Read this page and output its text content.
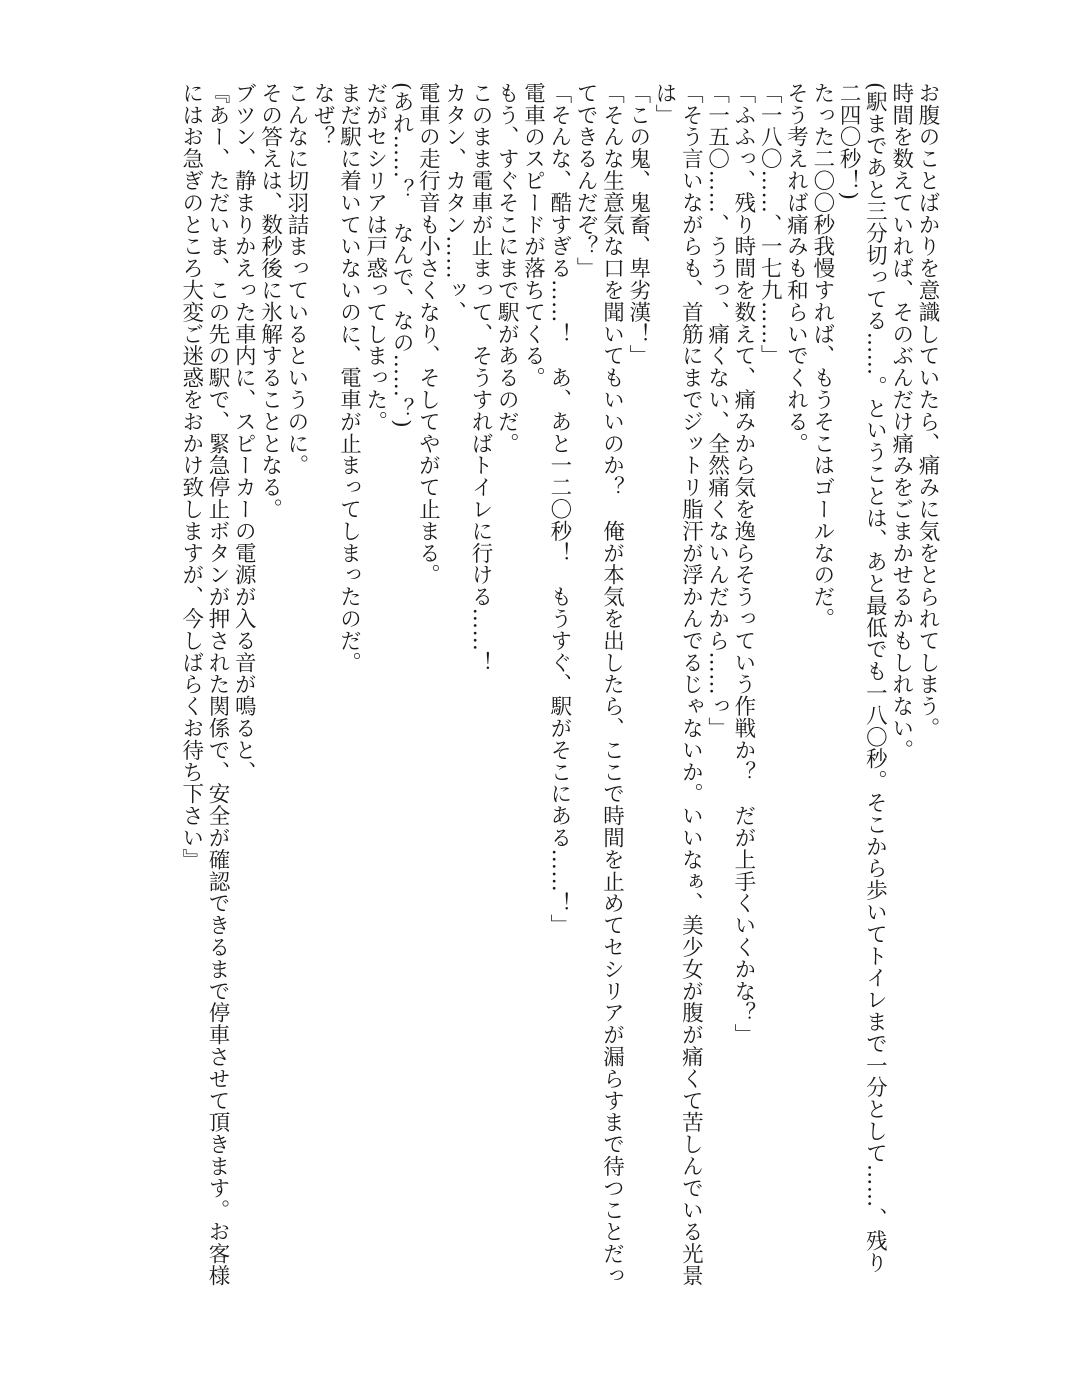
お腹のことばかりを意識していたら、痛みに気をとられてしまう。
時間を数えていれば、そのぶんだけ痛みをごまかせるかもしれない。
(駅まであと三分切ってる……。ということは、あと最低でも一八〇秒。そこから歩いてトイレまで一分として……、残り
二四〇秒！)
たった二〇〇秒我慢すれば、もうそこはゴールなのだ。
そう考えれば痛みも和らいでくれる。
「一八〇……、一七九……」
「ふふっ、残り時間を数えて、痛みから気を逸らそうっていう作戦か？　だが上手くいくかな？」
「一五〇……、ううっ、痛くない、全然痛くないんだから……っ」
「そう言いながらも、首筋にまでジットリ脂汗が浮かんでるじゃないか。いいなぁ、美少女が腹が痛くて苦しんでいる光景
は」
「この鬼、鬼畜、卑劣漢！」
「そんな生意気な口を聞いてもいいのか？　俺が本気を出したら、ここで時間を止めてセシリアが漏らすまで待つことだっ
てできるんだぞ？」
「そんな、酷すぎる……！　あ、あと一二〇秒！　もうすぐ、駅がそこにある……！」
電車のスピードが落ちてくる。
もう、すぐそこにまで駅があるのだ。
このまま電車が止まって、そうすればトイレに行ける……！
カタン、カタン……ッ、
電車の走行音も小さくなり、そしてやがて止まる。
(あれ……？　なんで、なの……？)
だがセシリアは戸惑ってしまった。
まだ駅に着いていないのに、電車が止まってしまったのだ。
なぜ？
こんなに切羽詰まっているというのに。
その答えは、数秒後に氷解することとなる。
ブツン、静まりかえった車内に、スピーカーの電源が入る音が鳴ると、
『あー、ただいま、この先の駅で、緊急停止ボタンが押された関係で、安全が確認できるまで停車させて頂きます。お客様
にはお急ぎのところ大変ご迷惑をおかけ致しますが、今しばらくお待ち下さい』
